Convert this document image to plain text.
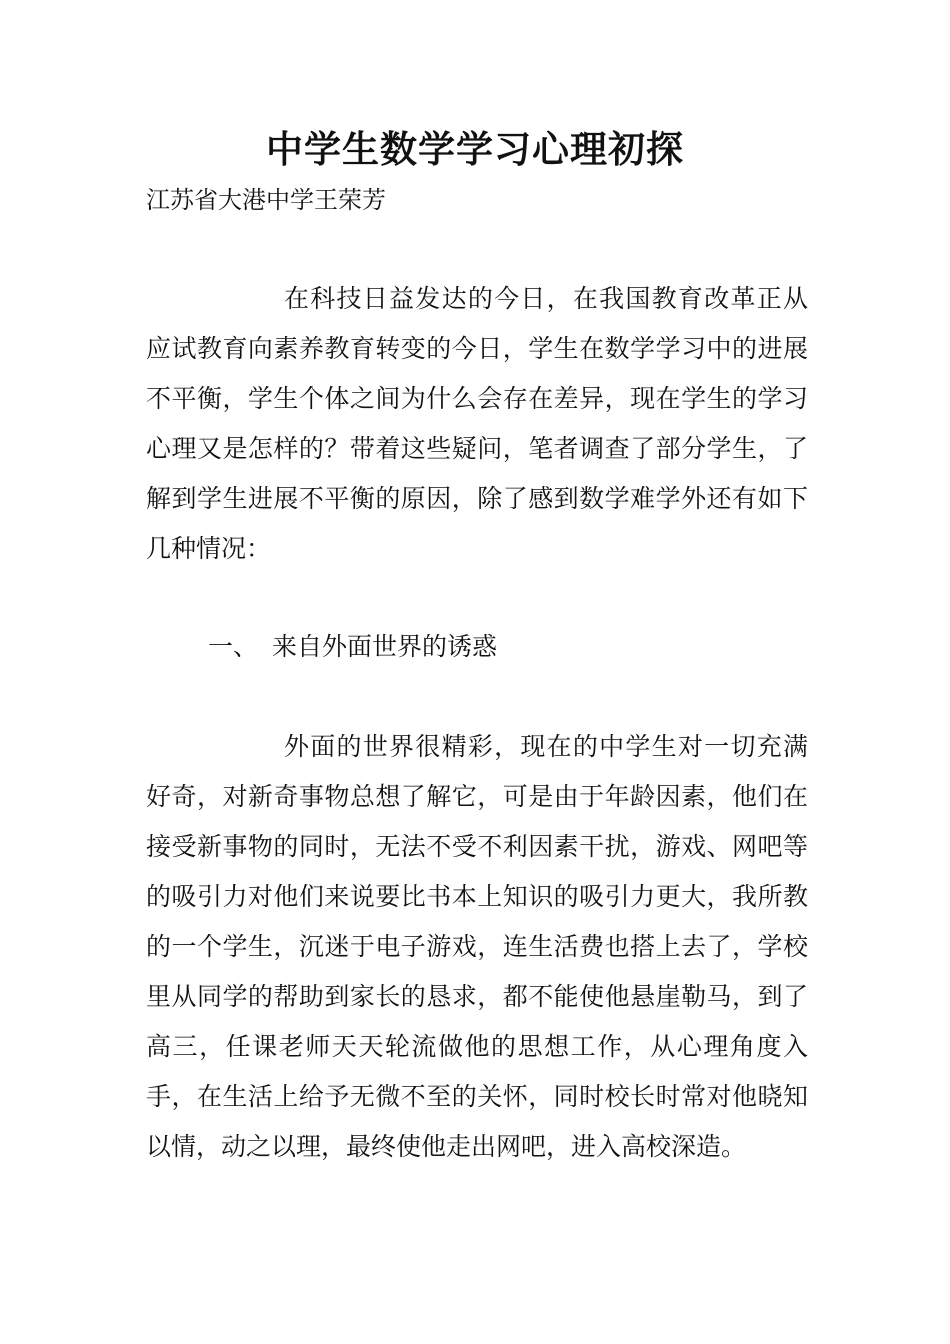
中学生数学学习心理初探

江苏省大港中学王荣芳

在科技日益发达的今日，在我国教育改革正从应试教育向素养教育转变的今日，学生在数学学习中的进展不平衡，学生个体之间为什么会存在差异，现在学生的学习心理又是怎样的？带着这些疑问，笔者调查了部分学生，了解到学生进展不平衡的原因，除了感到数学难学外还有如下几种情况：

一、 来自外面世界的诱惑

外面的世界很精彩，现在的中学生对一切充满好奇，对新奇事物总想了解它，可是由于年龄因素，他们在接受新事物的同时，无法不受不利因素干扰，游戏、网吧等的吸引力对他们来说要比书本上知识的吸引力更大，我所教的一个学生，沉迷于电子游戏，连生活费也搭上去了，学校里从同学的帮助到家长的恳求，都不能使他悬崖勒马，到了高三，任课老师天天轮流做他的思想工作，从心理角度入手，在生活上给予无微不至的关怀，同时校长时常对他晓知以情，动之以理，最终使他走出网吧，进入高校深造。
